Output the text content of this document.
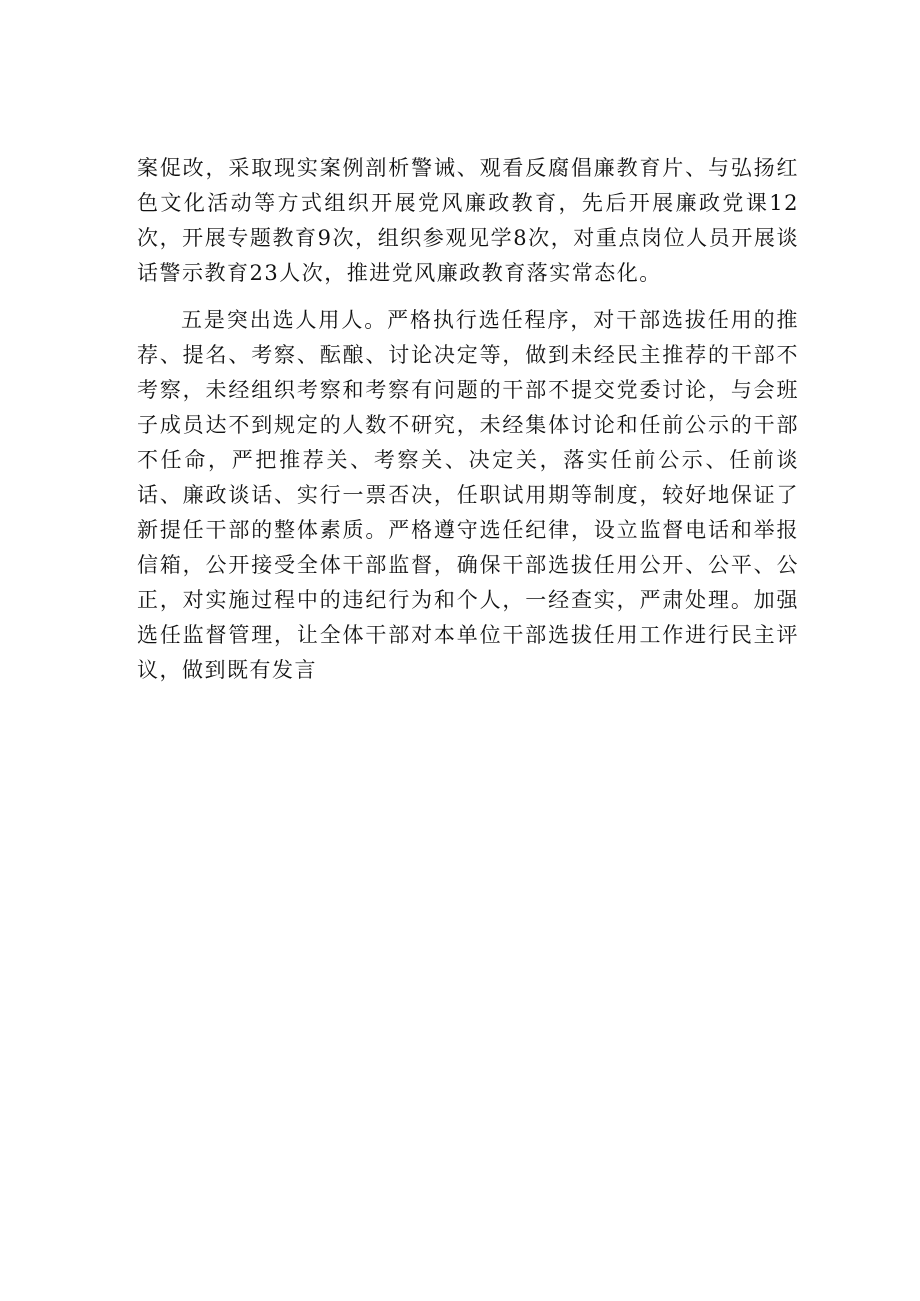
案促改，采取现实案例剖析警诫、观看反腐倡廉教育片、与弘扬红色文化活动等方式组织开展党风廉政教育，先后开展廉政党课12次，开展专题教育9次，组织参观见学8次，对重点岗位人员开展谈话警示教育23人次，推进党风廉政教育落实常态化。

五是突出选人用人。严格执行选任程序，对干部选拔任用的推荐、提名、考察、酝酿、讨论决定等，做到未经民主推荐的干部不考察，未经组织考察和考察有问题的干部不提交党委讨论，与会班子成员达不到规定的人数不研究，未经集体讨论和任前公示的干部不任命，严把推荐关、考察关、决定关，落实任前公示、任前谈话、廉政谈话、实行一票否决，任职试用期等制度，较好地保证了新提任干部的整体素质。严格遵守选任纪律，设立监督电话和举报信箱，公开接受全体干部监督，确保干部选拔任用公开、公平、公正，对实施过程中的违纪行为和个人，一经查实，严肃处理。加强选任监督管理，让全体干部对本单位干部选拔任用工作进行民主评议，做到既有发言
